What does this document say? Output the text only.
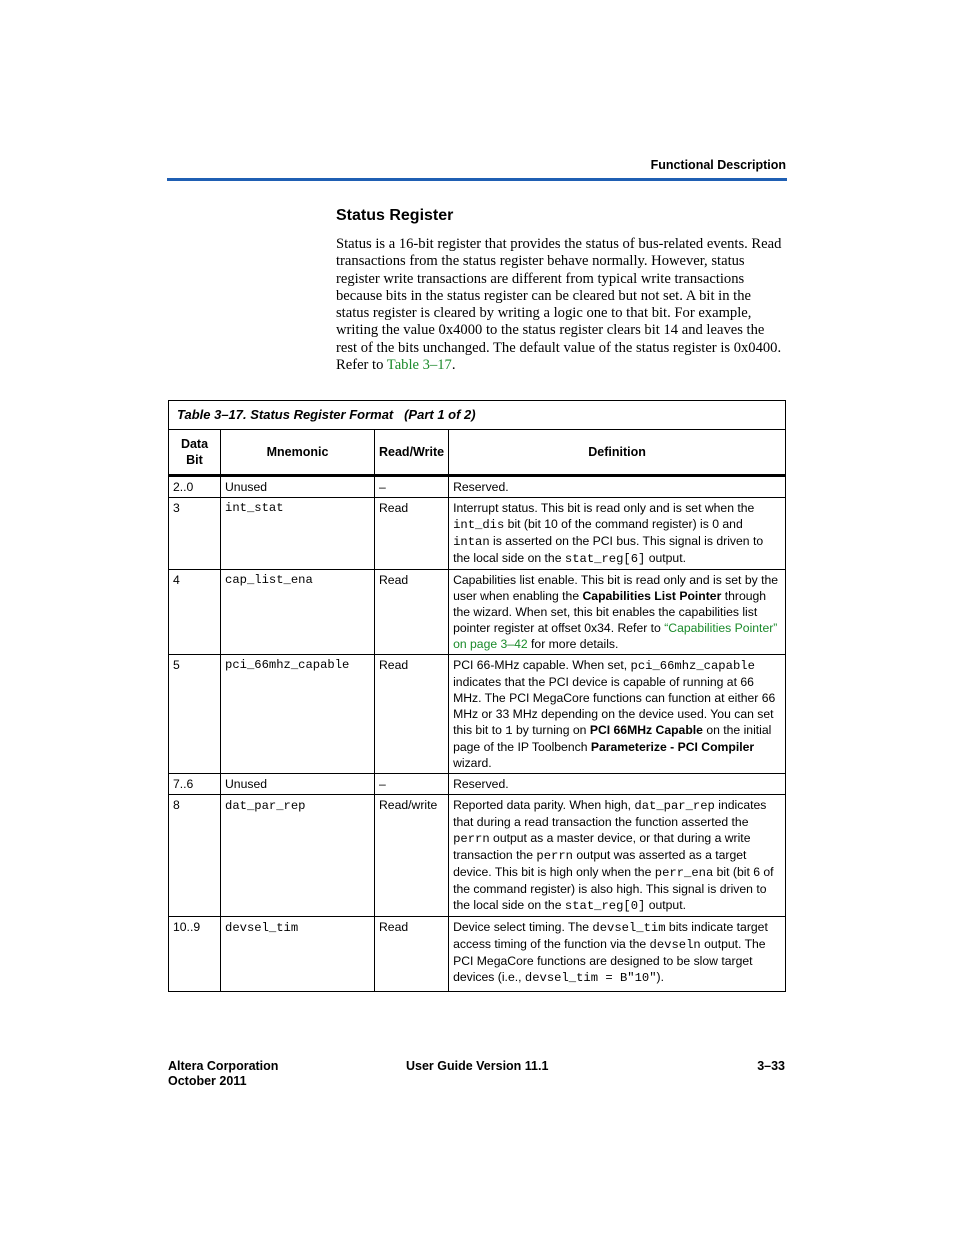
Functional Description
Status Register
Status is a 16-bit register that provides the status of bus-related events. Read transactions from the status register behave normally. However, status register write transactions are different from typical write transactions because bits in the status register can be cleared but not set. A bit in the status register is cleared by writing a logic one to that bit. For example, writing the value 0x4000 to the status register clears bit 14 and leaves the rest of the bits unchanged. The default value of the status register is 0x0400. Refer to Table 3–17.
Table 3–17. Status Register Format   (Part 1 of 2)			
Data Bit	Mnemonic	Read/Write	Definition
2..0	Unused	–	Reserved.
3	int_stat	Read	Interrupt status. This bit is read only and is set when the int_dis bit (bit 10 of the command register) is 0 and intan is asserted on the PCI bus. This signal is driven to the local side on the stat_reg[6] output.
4	cap_list_ena	Read	Capabilities list enable. This bit is read only and is set by the user when enabling the Capabilities List Pointer through the wizard. When set, this bit enables the capabilities list pointer register at offset 0x34. Refer to “Capabilities Pointer” on page 3–42 for more details.
5	pci_66mhz_capable	Read	PCI 66-MHz capable. When set, pci_66mhz_capable indicates that the PCI device is capable of running at 66 MHz. The PCI MegaCore functions can function at either 66 MHz or 33 MHz depending on the device used. You can set this bit to 1 by turning on PCI 66MHz Capable on the initial page of the IP Toolbench Parameterize - PCI Compiler wizard.
7..6	Unused	–	Reserved.
8	dat_par_rep	Read/write	Reported data parity. When high, dat_par_rep indicates that during a read transaction the function asserted the perrn output as a master device, or that during a write transaction the perrn output was asserted as a target device. This bit is high only when the perr_ena bit (bit 6 of the command register) is also high. This signal is driven to the local side on the stat_reg[0] output.
10..9	devsel_tim	Read	Device select timing. The devsel_tim bits indicate target access timing of the function via the devseln output. The PCI MegaCore functions are designed to be slow target devices (i.e., devsel_tim = B"10").
Altera Corporation
October 2011
User Guide Version 11.1	3–33
